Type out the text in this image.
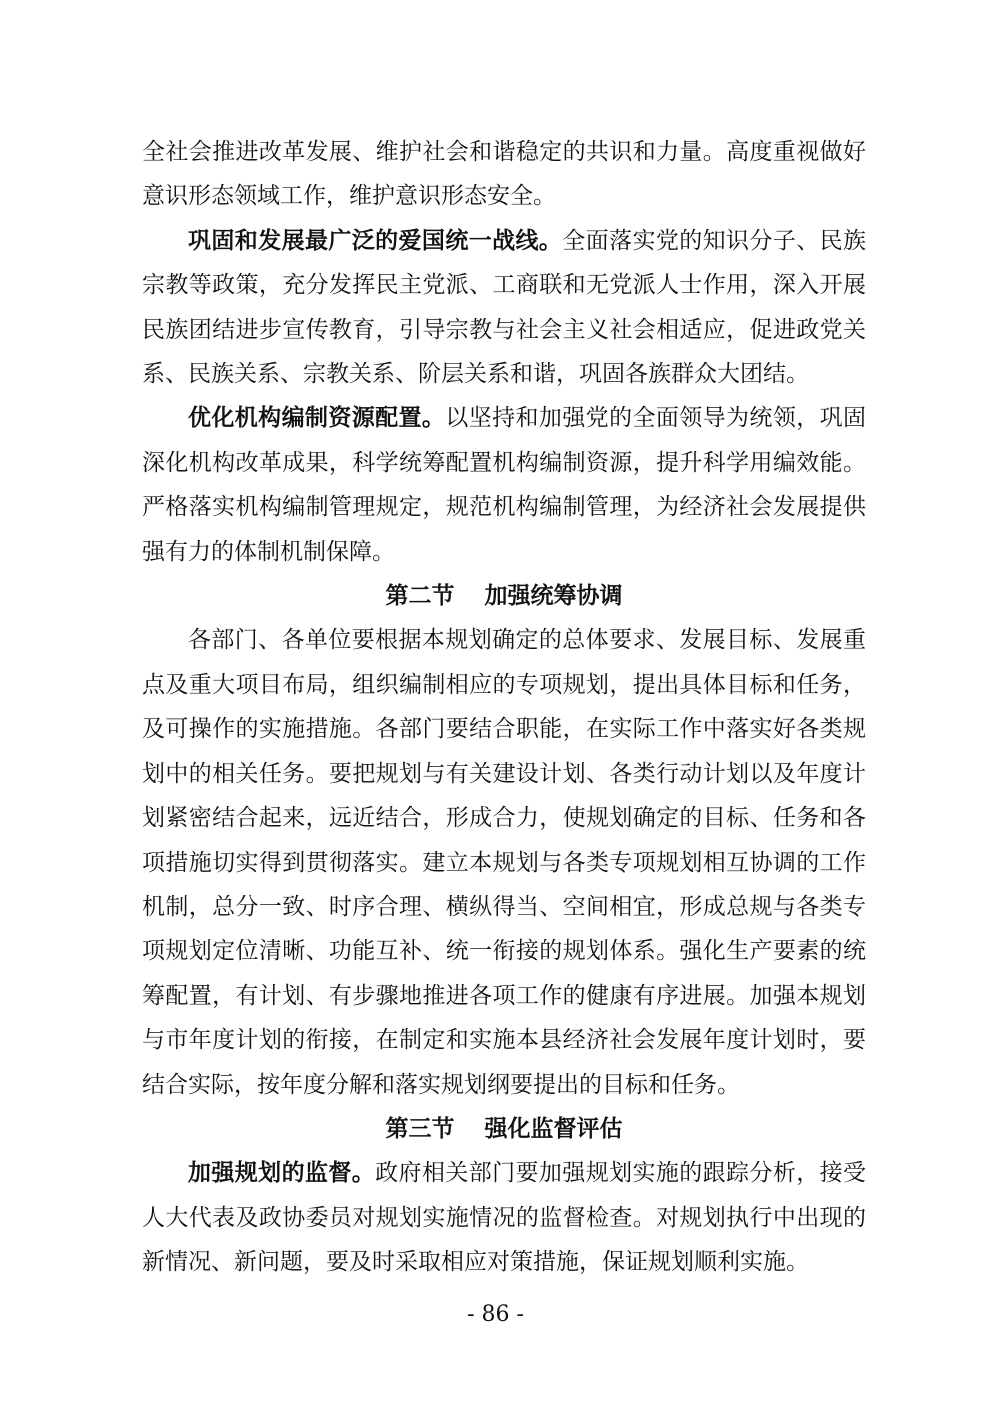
全社会推进改革发展、维护社会和谐稳定的共识和力量。高度重视做好意识形态领域工作，维护意识形态安全。

巩固和发展最广泛的爱国统一战线。全面落实党的知识分子、民族宗教等政策，充分发挥民主党派、工商联和无党派人士作用，深入开展民族团结进步宣传教育，引导宗教与社会主义社会相适应，促进政党关系、民族关系、宗教关系、阶层关系和谐，巩固各族群众大团结。

优化机构编制资源配置。以坚持和加强党的全面领导为统领，巩固深化机构改革成果，科学统筹配置机构编制资源，提升科学用编效能。严格落实机构编制管理规定，规范机构编制管理，为经济社会发展提供强有力的体制机制保障。

第二节 加强统筹协调

各部门、各单位要根据本规划确定的总体要求、发展目标、发展重点及重大项目布局，组织编制相应的专项规划，提出具体目标和任务，及可操作的实施措施。各部门要结合职能，在实际工作中落实好各类规划中的相关任务。要把规划与有关建设计划、各类行动计划以及年度计划紧密结合起来，远近结合，形成合力，使规划确定的目标、任务和各项措施切实得到贯彻落实。建立本规划与各类专项规划相互协调的工作机制，总分一致、时序合理、横纵得当、空间相宜，形成总规与各类专项规划定位清晰、功能互补、统一衔接的规划体系。强化生产要素的统筹配置，有计划、有步骤地推进各项工作的健康有序进展。加强本规划与市年度计划的衔接，在制定和实施本县经济社会发展年度计划时，要结合实际，按年度分解和落实规划纲要提出的目标和任务。

第三节 强化监督评估

加强规划的监督。政府相关部门要加强规划实施的跟踪分析，接受人大代表及政协委员对规划实施情况的监督检查。对规划执行中出现的新情况、新问题，要及时采取相应对策措施，保证规划顺利实施。

- 86 -
